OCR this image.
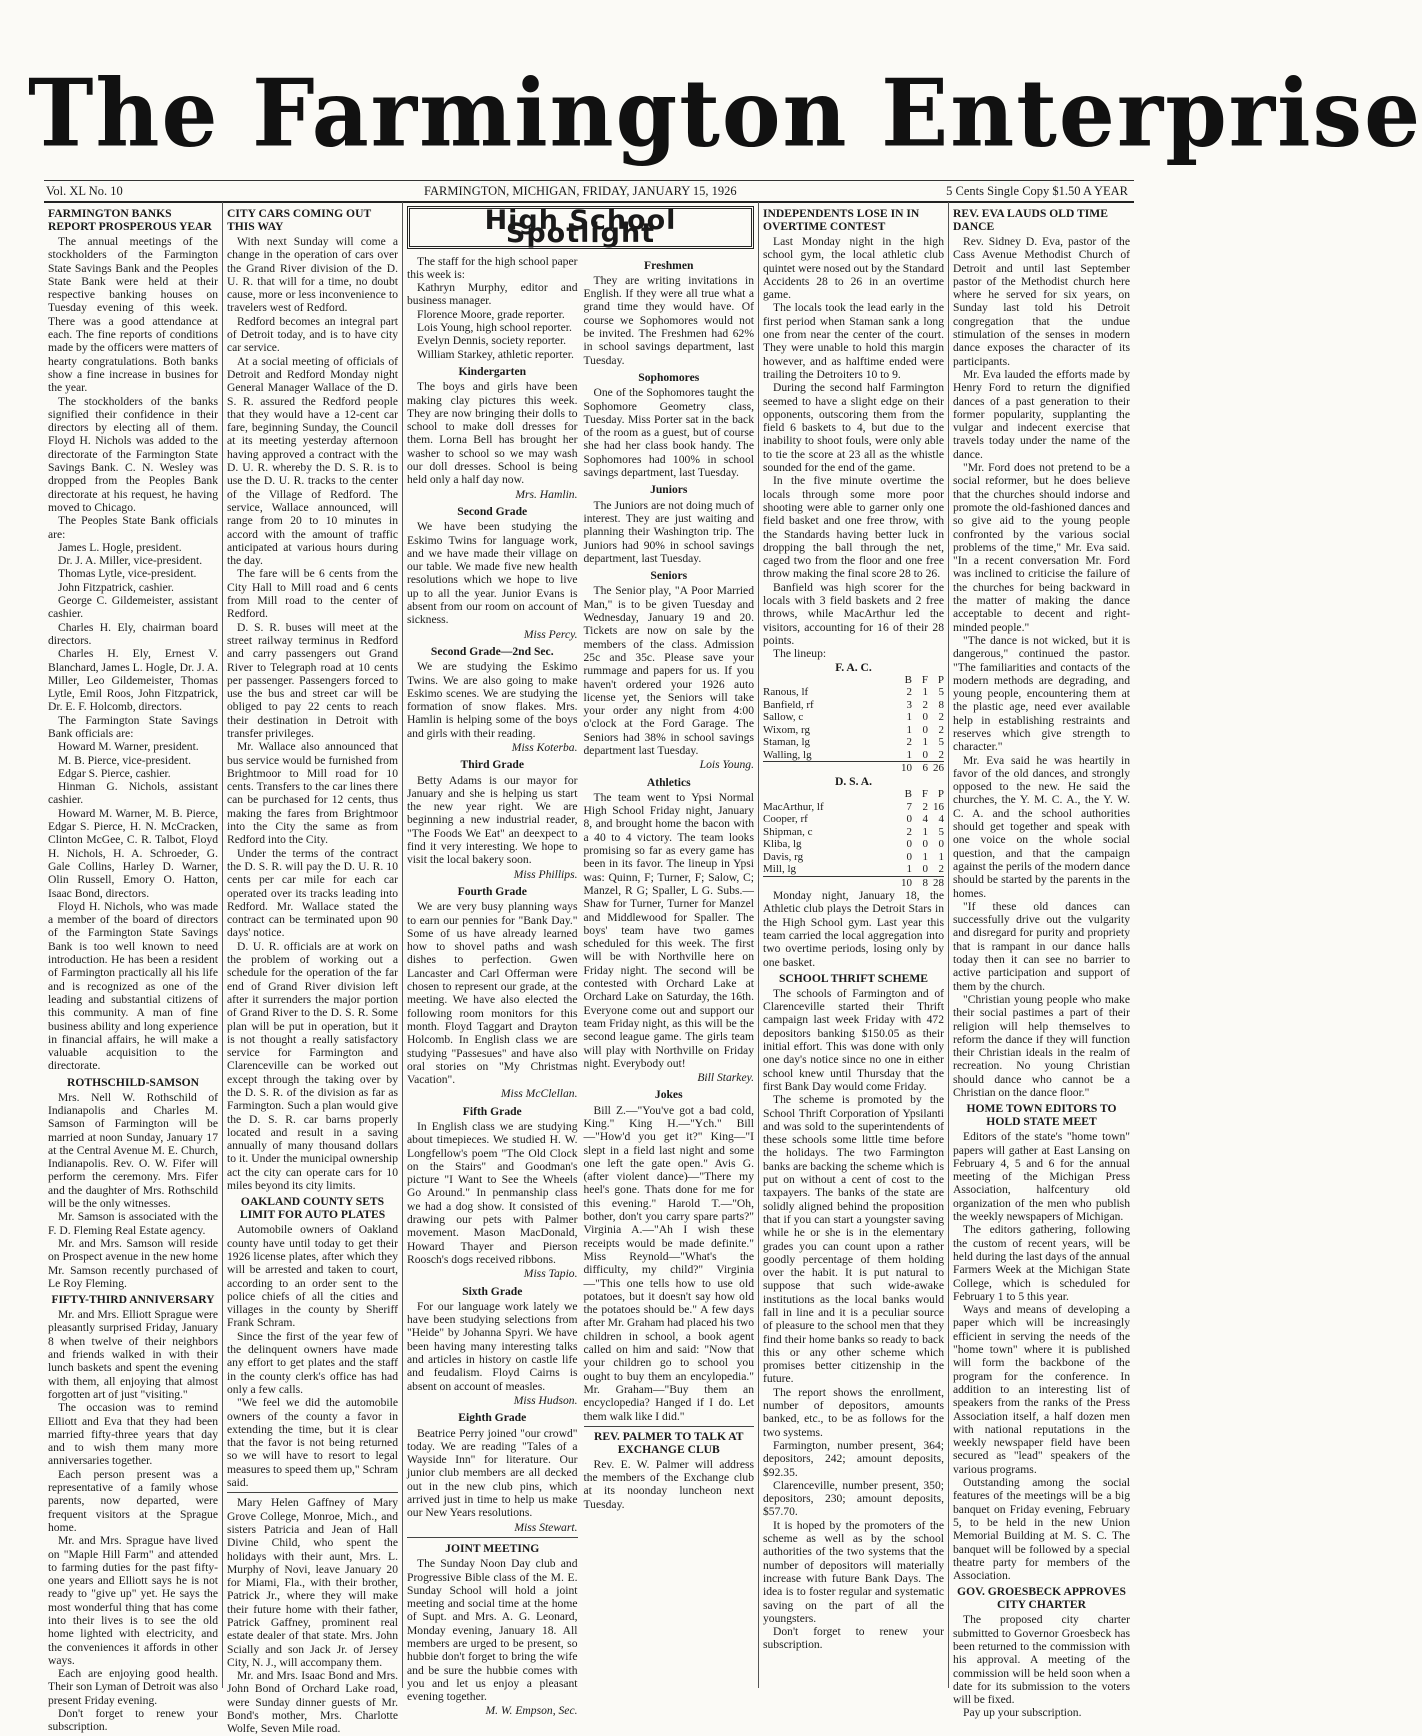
The Farmington Enterprise
Vol. XL No. 10	FARMINGTON, MICHIGAN, FRIDAY, JANUARY 15, 1926	5 Cents Single Copy $1.50 A YEAR
FARMINGTON BANKS REPORT PROSPEROUS YEAR

The annual meetings of the stockholders of the Farmington State Savings Bank and the Peoples State Bank were held at their respective banking houses on Tuesday evening of this week. There was a good attendance at each. The fine reports of conditions made by the officers were matters of hearty congratulations. Both banks show a fine increase in busines for the year.

The stockholders of the banks signified their confidence in their directors by electing all of them. Floyd H. Nichols was added to the directorate of the Farmington State Savings Bank. C. N. Wesley was dropped from the Peoples Bank directorate at his request, he having moved to Chicago.

The Peoples State Bank officials are:

James L. Hogle, president.

Dr. J. A. Miller, vice-president.

Thomas Lytle, vice-president.

John Fitzpatrick, cashier.

George C. Gildemeister, assistant cashier.

Charles H. Ely, chairman board directors.

Charles H. Ely, Ernest V. Blanchard, James L. Hogle, Dr. J. A. Miller, Leo Gildemeister, Thomas Lytle, Emil Roos, John Fitzpatrick, Dr. E. F. Holcomb, directors.

The Farmington State Savings Bank officials are:

Howard M. Warner, president.

M. B. Pierce, vice-president.

Edgar S. Pierce, cashier.

Hinman G. Nichols, assistant cashier.

Howard M. Warner, M. B. Pierce, Edgar S. Pierce, H. N. McCracken, Clinton McGee, C. R. Talbot, Floyd H. Nichols, H. A. Schroeder, G. Gale Collins, Harley D. Warner, Olin Russell, Emory O. Hatton, Isaac Bond, directors.

Floyd H. Nichols, who was made a member of the board of directors of the Farmington State Savings Bank is too well known to need introduction. He has been a resident of Farmington practically all his life and is recognized as one of the leading and substantial citizens of this community. A man of fine business ability and long experience in financial affairs, he will make a valuable acquisition to the directorate.

ROTHSCHILD-SAMSON

Mrs. Nell W. Rothschild of Indianapolis and Charles M. Samson of Farmington will be married at noon Sunday, January 17 at the Central Avenue M. E. Church, Indianapolis. Rev. O. W. Fifer will perform the ceremony. Mrs. Fifer and the daughter of Mrs. Rothschild will be the only witnesses.

Mr. Samson is associated with the F. D. Fleming Real Estate agency.

Mr. and Mrs. Samson will reside on Prospect avenue in the new home Mr. Samson recently purchased of Le Roy Fleming.

FIFTY-THIRD ANNIVERSARY

Mr. and Mrs. Elliott Sprague were pleasantly surprised Friday, January 8 when twelve of their neighbors and friends walked in with their lunch baskets and spent the evening with them, all enjoying that almost forgotten art of just "visiting."

The occasion was to remind Elliott and Eva that they had been married fifty-three years that day and to wish them many more anniversaries together.

Each person present was a representative of a family whose parents, now departed, were frequent visitors at the Sprague home.

Mr. and Mrs. Sprague have lived on "Maple Hill Farm" and attended to farming duties for the past fifty-one years and Elliott says he is not ready to "give up" yet. He says the most wonderful thing that has come into their lives is to see the old home lighted with electricity, and the conveniences it affords in other ways.

Each are enjoying good health. Their son Lyman of Detroit was also present Friday evening.

Don't forget to renew your subscription.

CITY CARS COMING OUT THIS WAY

With next Sunday will come a change in the operation of cars over the Grand River division of the D. U. R. that will for a time, no doubt cause, more or less inconvenience to travelers west of Redford.

Redford becomes an integral part of Detroit today, and is to have city car service.

At a social meeting of officials of Detroit and Redford Monday night General Manager Wallace of the D. S. R. assured the Redford people that they would have a 12-cent car fare, beginning Sunday, the Council at its meeting yesterday afternoon having approved a contract with the D. U. R. whereby the D. S. R. is to use the D. U. R. tracks to the center of the Village of Redford. The service, Wallace announced, will range from 20 to 10 minutes in accord with the amount of traffic anticipated at various hours during the day.

The fare will be 6 cents from the City Hall to Mill road and 6 cents from Mill road to the center of Redford.

D. S. R. buses will meet at the street railway terminus in Redford and carry passengers out Grand River to Telegraph road at 10 cents per passenger. Passengers forced to use the bus and street car will be obliged to pay 22 cents to reach their destination in Detroit with transfer privileges.

Mr. Wallace also announced that bus service would be furnished from Brightmoor to Mill road for 10 cents. Transfers to the car lines there can be purchased for 12 cents, thus making the fares from Brightmoor into the City the same as from Redford into the City.

Under the terms of the contract the D. S. R. will pay the D. U. R. 10 cents per car mile for each car operated over its tracks leading into Redford. Mr. Wallace stated the contract can be terminated upon 90 days' notice.

D. U. R. officials are at work on the problem of working out a schedule for the operation of the far end of Grand River division left after it surrenders the major portion of Grand River to the D. S. R. Some plan will be put in operation, but it is not thought a really satisfactory service for Farmington and Clarenceville can be worked out except through the taking over by the D. S. R. of the division as far as Farmington. Such a plan would give the D. S. R. car barns properly located and result in a saving annually of many thousand dollars to it. Under the municipal ownership act the city can operate cars for 10 miles beyond its city limits.

OAKLAND COUNTY SETS LIMIT FOR AUTO PLATES

Automobile owners of Oakland county have until today to get their 1926 license plates, after which they will be arrested and taken to court, according to an order sent to the police chiefs of all the cities and villages in the county by Sheriff Frank Schram.

Since the first of the year few of the delinquent owners have made any effort to get plates and the staff in the county clerk's office has had only a few calls.

"We feel we did the automobile owners of the county a favor in extending the time, but it is clear that the favor is not being returned so we will have to resort to legal measures to speed them up," Schram said.

Mary Helen Gaffney of Mary Grove College, Monroe, Mich., and sisters Patricia and Jean of Hall Divine Child, who spent the holidays with their aunt, Mrs. L. Murphy of Novi, leave January 20 for Miami, Fla., with their brother, Patrick Jr., where they will make their future home with their father, Patrick Gaffney, prominent real estate dealer of that state. Mrs. John Scially and son Jack Jr. of Jersey City, N. J., will accompany them.

Mr. and Mrs. Isaac Bond and Mrs. John Bond of Orchard Lake road, were Sunday dinner guests of Mr. Bond's mother, Mrs. Charlotte Wolfe, Seven Mile road.

High School Spotlight

The staff for the high school paper this week is:

Kathryn Murphy, editor and business manager.

Florence Moore, grade reporter.

Lois Young, high school reporter.

Evelyn Dennis, society reporter.

William Starkey, athletic reporter.

Kindergarten

The boys and girls have been making clay pictures this week. They are now bringing their dolls to school to make doll dresses for them. Lorna Bell has brought her washer to school so we may wash our doll dresses. School is being held only a half day now.

Mrs. Hamlin.
Second Grade

We have been studying the Eskimo Twins for language work, and we have made their village on our table. We made five new health resolutions which we hope to live up to all the year. Junior Evans is absent from our room on account of sickness.

Miss Percy.
Second Grade—2nd Sec.

We are studying the Eskimo Twins. We are also going to make Eskimo scenes. We are studying the formation of snow flakes. Mrs. Hamlin is helping some of the boys and girls with their reading.

Miss Koterba.
Third Grade

Betty Adams is our mayor for January and she is helping us start the new year right. We are beginning a new industrial reader, "The Foods We Eat" an deexpect to find it very interesting. We hope to visit the local bakery soon.

Miss Phillips.
Fourth Grade

We are very busy planning ways to earn our pennies for "Bank Day." Some of us have already learned how to shovel paths and wash dishes to perfection. Gwen Lancaster and Carl Offerman were chosen to represent our grade, at the meeting. We have also elected the following room monitors for this month. Floyd Taggart and Drayton Holcomb. In English class we are studying "Passesues" and have also oral stories on "My Christmas Vacation".

Miss McClellan.
Fifth Grade

In English class we are studying about timepieces. We studied H. W. Longfellow's poem "The Old Clock on the Stairs" and Goodman's picture "I Want to See the Wheels Go Around." In penmanship class we had a dog show. It consisted of drawing our pets with Palmer movement. Mason MacDonald, Howard Thayer and Pierson Roosch's dogs received ribbons.

Miss Tapio.
Sixth Grade

For our language work lately we have been studying selections from "Heide" by Johanna Spyri. We have been having many interesting talks and articles in history on castle life and feudalism. Floyd Cairns is absent on account of measles.

Miss Hudson.
Eighth Grade

Beatrice Perry joined "our crowd" today. We are reading "Tales of a Wayside Inn" for literature. Our junior club members are all decked out in the new club pins, which arrived just in time to help us make our New Years resolutions.

Miss Stewart.
JOINT MEETING

The Sunday Noon Day club and Progressive Bible class of the M. E. Sunday School will hold a joint meeting and social time at the home of Supt. and Mrs. A. G. Leonard, Monday evening, January 18. All members are urged to be present, so hubbie don't forget to bring the wife and be sure the hubbie comes with you and let us enjoy a pleasant evening together.

M. W. Empson, Sec.
Freshmen

They are writing invitations in English. If they were all true what a grand time they would have. Of course we Sophomores would not be invited. The Freshmen had 62% in school savings department, last Tuesday.

Sophomores

One of the Sophomores taught the Sophomore Geometry class, Tuesday. Miss Porter sat in the back of the room as a guest, but of course she had her class book handy. The Sophomores had 100% in school savings department, last Tuesday.

Juniors

The Juniors are not doing much of interest. They are just waiting and planning their Washington trip. The Juniors had 90% in school savings department, last Tuesday.

Seniors

The Senior play, "A Poor Married Man," is to be given Tuesday and Wednesday, January 19 and 20. Tickets are now on sale by the members of the class. Admission 25c and 35c. Please save your rummage and papers for us. If you haven't ordered your 1926 auto license yet, the Seniors will take your order any night from 4:00 o'clock at the Ford Garage. The Seniors had 38% in school savings department last Tuesday.

Lois Young.
Athletics

The team went to Ypsi Normal High School Friday night, January 8, and brought home the bacon with a 40 to 4 victory. The team looks promising so far as every game has been in its favor. The lineup in Ypsi was: Quinn, F; Turner, F; Salow, C; Manzel, R G; Spaller, L G. Subs.—Shaw for Turner, Turner for Manzel and Middlewood for Spaller. The boys' team have two games scheduled for this week. The first will be with Northville here on Friday night. The second will be contested with Orchard Lake at Orchard Lake on Saturday, the 16th. Everyone come out and support our team Friday night, as this will be the second league game. The girls team will play with Northville on Friday night. Everybody out!

Bill Starkey.
Jokes

Bill Z.—"You've got a bad cold, King." King H.—"Ych." Bill—"How'd you get it?" King—"I slept in a field last night and some one left the gate open." Avis G. (after violent dance)—"There my heel's gone. Thats done for me for this evening." Harold T.—"Oh, bother, don't you carry spare parts?" Virginia A.—"Ah I wish these receipts would be made definite." Miss Reynold—"What's the difficulty, my child?" Virginia—"This one tells how to use old potatoes, but it doesn't say how old the potatoes should be." A few days after Mr. Graham had placed his two children in school, a book agent called on him and said: "Now that your children go to school you ought to buy them an encylopedia." Mr. Graham—"Buy them an encyclopedia? Hanged if I do. Let them walk like I did."

REV. PALMER TO TALK AT EXCHANGE CLUB

Rev. E. W. Palmer will address the members of the Exchange club at its noonday luncheon next Tuesday.

INDEPENDENTS LOSE IN IN OVERTIME CONTEST

Last Monday night in the high school gym, the local athletic club quintet were nosed out by the Standard Accidents 28 to 26 in an overtime game.

The locals took the lead early in the first period when Staman sank a long one from near the center of the court. They were unable to hold this margin however, and as halftime ended were trailing the Detroiters 10 to 9.

During the second half Farmington seemed to have a slight edge on their opponents, outscoring them from the field 6 baskets to 4, but due to the inability to shoot fouls, were only able to tie the score at 23 all as the whistle sounded for the end of the game.

In the five minute overtime the locals through some more poor shooting were able to garner only one field basket and one free throw, with the Standards having better luck in dropping the ball through the net, caged two from the floor and one free throw making the final score 28 to 26.

Banfield was high scorer for the locals with 3 field baskets and 2 free throws, while MacArthur led the visitors, accounting for 16 of their 28 points.

The lineup:

F. A. C.
	B	F	P
Ranous, lf	2	1	5
Banfield, rf	3	2	8
Sallow, c	1	0	2
Wixom, rg	1	0	2
Staman, lg	2	1	5
Walling, lg	1	0	2
	10	6	26
D. S. A.
	B	F	P
MacArthur, lf	7	2	16
Cooper, rf	0	4	4
Shipman, c	2	1	5
Kliba, lg	0	0	0
Davis, rg	0	1	1
Mill, lg	1	0	2
	10	8	28

Monday night, January 18, the Athletic club plays the Detroit Stars in the High School gym. Last year this team carried the local aggregation into two overtime periods, losing only by one basket.

SCHOOL THRIFT SCHEME

The schools of Farmington and of Clarenceville started their Thrift campaign last week Friday with 472 depositors banking $150.05 as their initial effort. This was done with only one day's notice since no one in either school knew until Thursday that the first Bank Day would come Friday.

The scheme is promoted by the School Thrift Corporation of Ypsilanti and was sold to the superintendents of these schools some little time before the holidays. The two Farmington banks are backing the scheme which is put on without a cent of cost to the taxpayers. The banks of the state are solidly aligned behind the proposition that if you can start a youngster saving while he or she is in the elementary grades you can count upon a rather goodly percentage of them holding over the habit. It is put natural to suppose that such wide-awake institutions as the local banks would fall in line and it is a peculiar source of pleasure to the school men that they find their home banks so ready to back this or any other scheme which promises better citizenship in the future.

The report shows the enrollment, number of depositors, amounts banked, etc., to be as follows for the two systems.

Farmington, number present, 364; depositors, 242; amount deposits, $92.35.

Clarenceville, number present, 350; depositors, 230; amount deposits, $57.70.

It is hoped by the promoters of the scheme as well as by the school authorities of the two systems that the number of depositors will materially increase with future Bank Days. The idea is to foster regular and systematic saving on the part of all the youngsters.

Don't forget to renew your subscription.

REV. EVA LAUDS OLD TIME DANCE

Rev. Sidney D. Eva, pastor of the Cass Avenue Methodist Church of Detroit and until last September pastor of the Methodist church here where he served for six years, on Sunday last told his Detroit congregation that the undue stimulation of the senses in modern dance exposes the character of its participants.

Mr. Eva lauded the efforts made by Henry Ford to return the dignified dances of a past generation to their former popularity, supplanting the vulgar and indecent exercise that travels today under the name of the dance.

"Mr. Ford does not pretend to be a social reformer, but he does believe that the churches should indorse and promote the old-fashioned dances and so give aid to the young people confronted by the various social problems of the time," Mr. Eva said. "In a recent conversation Mr. Ford was inclined to criticise the failure of the churches for being backward in the matter of making the dance acceptable to decent and right-minded people."

"The dance is not wicked, but it is dangerous," continued the pastor. "The familiarities and contacts of the modern methods are degrading, and young people, encountering them at the plastic age, need ever available help in establishing restraints and reserves which give strength to character."

Mr. Eva said he was heartily in favor of the old dances, and strongly opposed to the new. He said the churches, the Y. M. C. A., the Y. W. C. A. and the school authorities should get together and speak with one voice on the whole social question, and that the campaign against the perils of the modern dance should be started by the parents in the homes.

"If these old dances can successfully drive out the vulgarity and disregard for purity and propriety that is rampant in our dance halls today then it can see no barrier to active participation and support of them by the church.

"Christian young people who make their social pastimes a part of their religion will help themselves to reform the dance if they will function their Christian ideals in the realm of recreation. No young Christian should dance who cannot be a Christian on the dance floor."

HOME TOWN EDITORS TO HOLD STATE MEET

Editors of the state's "home town" papers will gather at East Lansing on February 4, 5 and 6 for the annual meeting of the Michigan Press Association, halfcentury old organization of the men who publish the weekly newspapers of Michigan.

The editors gathering, following the custom of recent years, will be held during the last days of the annual Farmers Week at the Michigan State College, which is scheduled for February 1 to 5 this year.

Ways and means of developing a paper which will be increasingly efficient in serving the needs of the "home town" where it is published will form the backbone of the program for the conference. In addition to an interesting list of speakers from the ranks of the Press Association itself, a half dozen men with national reputations in the weekly newspaper field have been secured as "lead" speakers of the various programs.

Outstanding among the social features of the meetings will be a big banquet on Friday evening, February 5, to be held in the new Union Memorial Building at M. S. C. The banquet will be followed by a special theatre party for members of the Association.

GOV. GROESBECK APPROVES CITY CHARTER

The proposed city charter submitted to Governor Groesbeck has been returned to the commission with his approval. A meeting of the commission will be held soon when a date for its submission to the voters will be fixed.

Pay up your subscription.
